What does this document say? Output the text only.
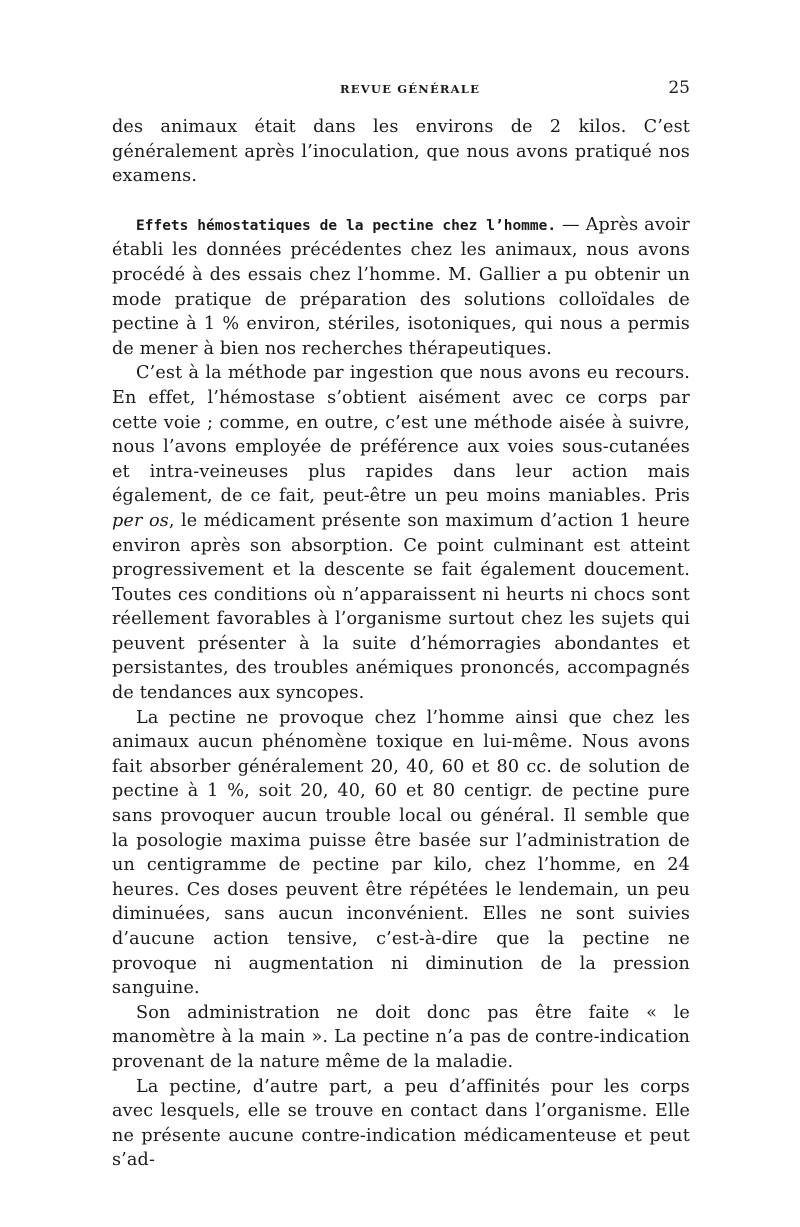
REVUE GÉNÉRALE	25

des animaux était dans les environs de 2 kilos. C’est généralement après l’inoculation, que nous avons pratiqué nos examens.

Effets hémostatiques de la pectine chez l’homme. — Après avoir établi les données précédentes chez les animaux, nous avons procédé à des essais chez l’homme. M. Gallier a pu obtenir un mode pratique de préparation des solutions colloïdales de pectine à 1 % environ, stériles, isotoniques, qui nous a permis de mener à bien nos recherches thérapeutiques.

C’est à la méthode par ingestion que nous avons eu recours. En effet, l’hémostase s’obtient aisément avec ce corps par cette voie ; comme, en outre, c’est une méthode aisée à suivre, nous l’avons employée de préférence aux voies sous-cutanées et intra-veineuses plus rapides dans leur action mais également, de ce fait, peut-être un peu moins maniables. Pris per os, le médicament présente son maximum d’action 1 heure environ après son absorption. Ce point culminant est atteint progressivement et la descente se fait également doucement. Toutes ces conditions où n’apparaissent ni heurts ni chocs sont réellement favorables à l’organisme surtout chez les sujets qui peuvent présenter à la suite d’hémorragies abondantes et persistantes, des troubles anémiques prononcés, accompagnés de tendances aux syncopes.

La pectine ne provoque chez l’homme ainsi que chez les animaux aucun phénomène toxique en lui-même. Nous avons fait absorber généralement 20, 40, 60 et 80 cc. de solution de pectine à 1 %, soit 20, 40, 60 et 80 centigr. de pectine pure sans provoquer aucun trouble local ou général. Il semble que la posologie maxima puisse être basée sur l’administration de un centigramme de pectine par kilo, chez l’homme, en 24 heures. Ces doses peuvent être répétées le lendemain, un peu diminuées, sans aucun inconvénient. Elles ne sont suivies d’aucune action tensive, c’est-à-dire que la pectine ne provoque ni augmentation ni diminution de la pression sanguine.

Son administration ne doit donc pas être faite « le manomètre à la main ». La pectine n’a pas de contre-indication provenant de la nature même de la maladie.

La pectine, d’autre part, a peu d’affinités pour les corps avec lesquels, elle se trouve en contact dans l’organisme. Elle ne présente aucune contre-indication médicamenteuse et peut s’ad-
